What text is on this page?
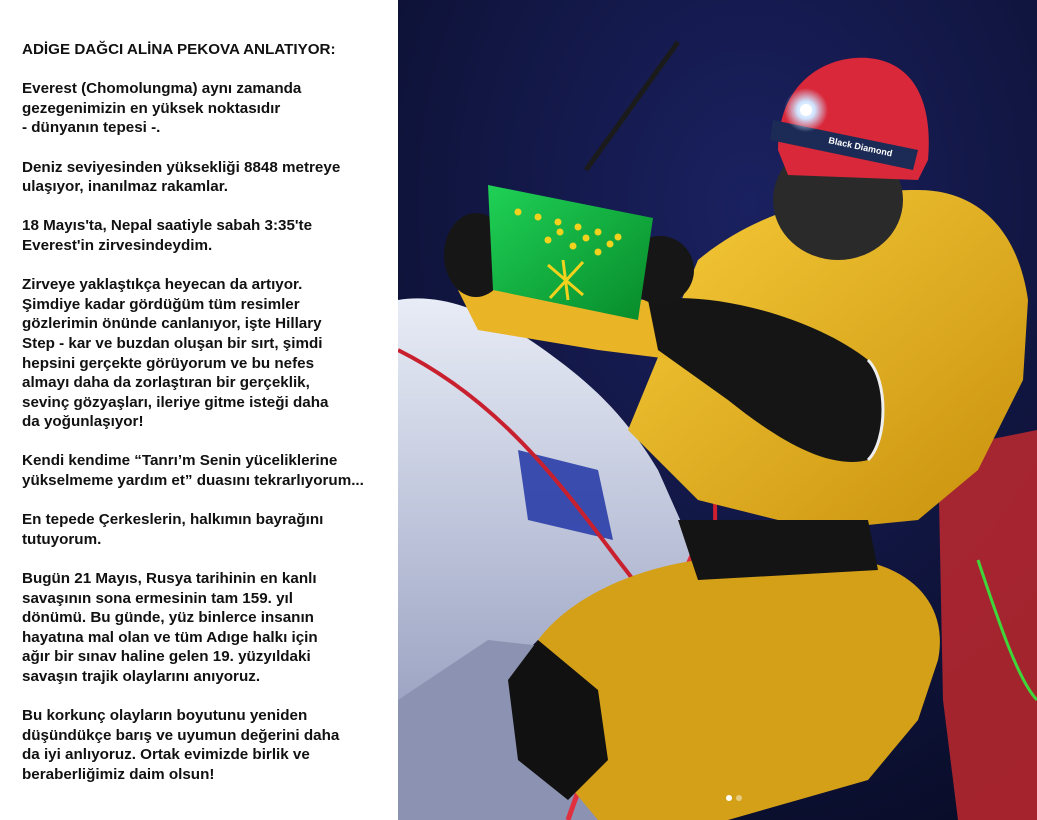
ADİGE DAĞCI ALİNA PEKOVA ANLATIYOR:

Everest (Chomolungma) aynı zamanda
gezegenimizin en yüksek noktasıdır
- dünyanın tepesi -.

Deniz seviyesinden yüksekliği 8848 metreye
ulaşıyor, inanılmaz rakamlar.

18 Mayıs'ta, Nepal saatiyle sabah 3:35'te
Everest'in zirvesindeydim.

Zirveye yaklaştıkça heyecan da artıyor.
Şimdiye kadar gördüğüm tüm resimler
gözlerimin önünde canlanıyor, işte Hillary
Step - kar ve buzdan oluşan bir sırt, şimdi
hepsini gerçekte görüyorum ve bu nefes
almayı daha da zorlaştıran bir gerçeklik,
sevinç gözyaşları, ileriye gitme isteği daha
da yoğunlaşıyor!

Kendi kendime “Tanrı’m Senin yüceliklerine
yükselmeme yardım et” duasını tekrarlıyorum...

En tepede Çerkeslerin, halkımın bayrağını
tutuyorum.

Bugün 21 Mayıs, Rusya tarihinin en kanlı
savaşının sona ermesinin tam 159. yıl
dönümü. Bu günde, yüz binlerce insanın
hayatına mal olan ve tüm Adıge halkı için
ağır bir sınav haline gelen 19. yüzyıldaki
savaşın trajik olaylarını anıyoruz.

Bu korkunç olayların boyutunu yeniden
düşündükçe barış ve uyumun değerini daha
da iyi anlıyoruz. Ortak evimizde birlik ve
beraberliğimiz daim olsun!

Black Diamond
